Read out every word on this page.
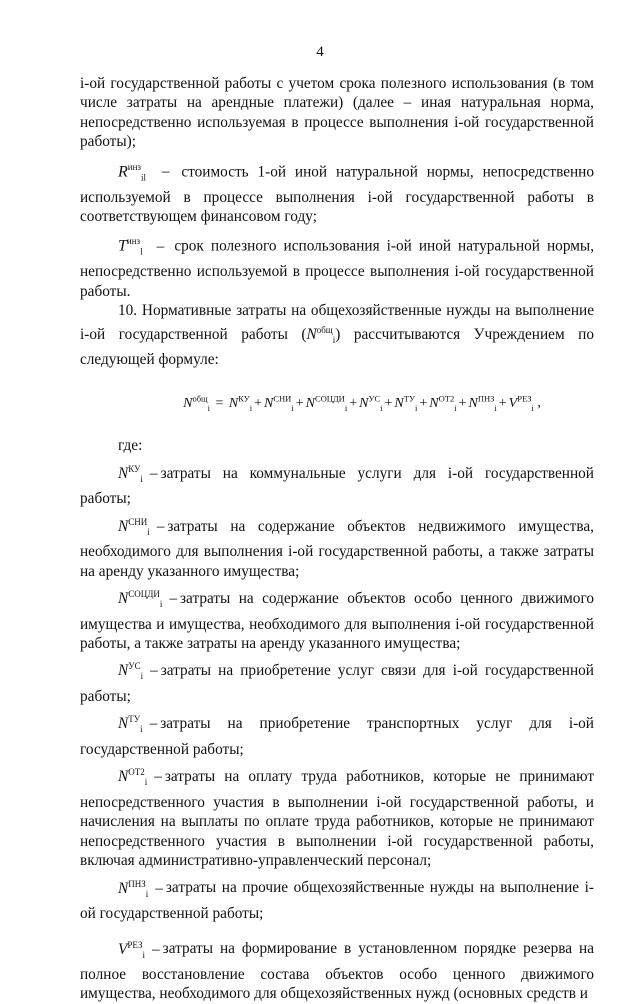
4

i-ой государственной работы с учетом срока полезного использования (в том числе затраты на арендные платежи) (далее – иная натуральная норма, непосредственно используемая в процессе выполнения i-ой государственной работы);

$R^{инз}_{il}$ – стоимость 1-ой иной натуральной нормы, непосредственно используемой в процессе выполнения i-ой государственной работы в соответствующем финансовом году;

$T^{инз}_l$ – срок полезного использования i-ой иной натуральной нормы, непосредственно используемой в процессе выполнения i-ой государственной работы.

10. Нормативные затраты на общехозяйственные нужды на выполнение i-ой государственной работы $(N^{общ}_i)$ рассчитываются Учреждением по следующей формуле:

$N^{общ}_i = N^{КУ}_i + N^{СНИ}_i + N^{СОЦДИ}_i + N^{УС}_i + N^{ТУ}_i + N^{ОТ2}_i + N^{ПНЗ}_i + V^{РЕЗ}_i$ ,

где:

$N^{КУ}_i$ – затраты на коммунальные услуги для i-ой государственной работы;

$N^{СНИ}_i$ – затраты на содержание объектов недвижимого имущества, необходимого для выполнения i-ой государственной работы, а также затраты на аренду указанного имущества;

$N^{СОЦДИ}_i$ – затраты на содержание объектов особо ценного движимого имущества и имущества, необходимого для выполнения i-ой государственной работы, а также затраты на аренду указанного имущества;

$N^{УС}_i$ – затраты на приобретение услуг связи для i-ой государственной работы;

$N^{ТУ}_i$ – затраты на приобретение транспортных услуг для i-ой государственной работы;

$N^{ОТ2}_i$ – затраты на оплату труда работников, которые не принимают непосредственного участия в выполнении i-ой государственной работы, и начисления на выплаты по оплате труда работников, которые не принимают непосредственного участия в выполнении i-ой государственной работы, включая административно-управленческий персонал;

$N^{ПНЗ}_i$ – затраты на прочие общехозяйственные нужды на выполнение i-ой государственной работы;

$V^{РЕЗ}_i$ – затраты на формирование в установленном порядке резерва на полное восстановление состава объектов особо ценного движимого имущества, необходимого для общехозяйственных нужд (основных средств и
